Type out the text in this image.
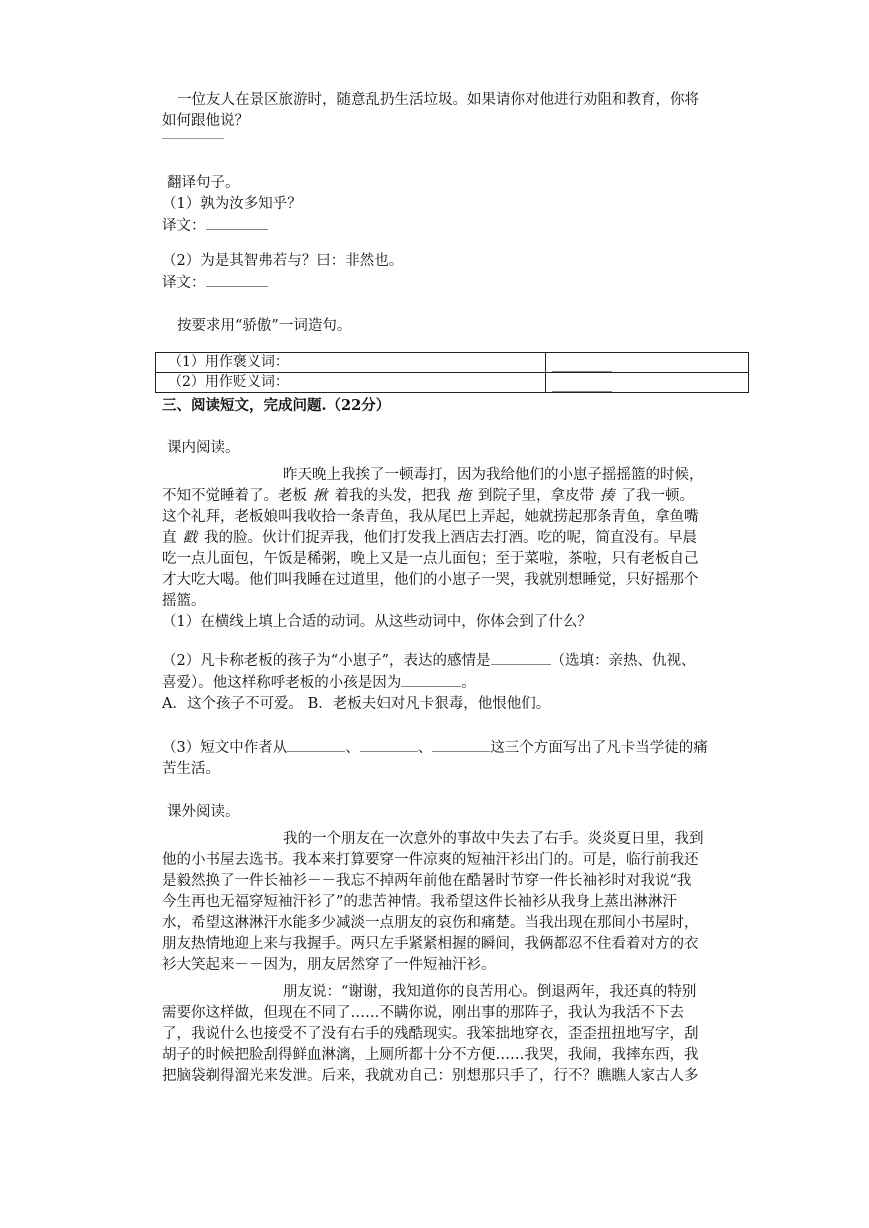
一位友人在景区旅游时，随意乱扔生活垃圾。如果请你对他进行劝阻和教育，你将

如何跟他说？

翻译句子。

（1）孰为汝多知乎？

译文：

（2）为是其智弗若与？曰：非然也。

译文：

按要求用“骄傲”一词造句。

（1）用作褒义词：	
（2）用作贬义词：	

三、阅读短文，完成问题.（22分）

课内阅读。

昨天晚上我挨了一顿毒打，因为我给他们的小崽子摇摇篮的时候，

不知不觉睡着了。老板 揪 着我的头发，把我 拖 到院子里，拿皮带 揍 了我一顿。

这个礼拜，老板娘叫我收拾一条青鱼，我从尾巴上弄起，她就捞起那条青鱼，拿鱼嘴

直 戳 我的脸。伙计们捉弄我，他们打发我上酒店去打酒。吃的呢，简直没有。早晨

吃一点儿面包，午饭是稀粥，晚上又是一点儿面包；至于菜啦，茶啦，只有老板自己

才大吃大喝。他们叫我睡在过道里，他们的小崽子一哭，我就别想睡觉，只好摇那个

摇篮。

（1）在横线上填上合适的动词。从这些动词中，你体会到了什么？

（2）凡卡称老板的孩子为“小崽子”，表达的感情是	（选填：亲热、仇视、

喜爱）。他这样称呼老板的小孩是因为	。

A．这个孩子不可爱。 B．老板夫妇对凡卡狠毒，他恨他们。

（3）短文中作者从	、	、	这三个方面写出了凡卡当学徒的痛

苦生活。

课外阅读。

我的一个朋友在一次意外的事故中失去了右手。炎炎夏日里，我到

他的小书屋去选书。我本来打算要穿一件凉爽的短袖汗衫出门的。可是，临行前我还

是毅然换了一件长袖衫－－我忘不掉两年前他在酷暑时节穿一件长袖衫时对我说“我

今生再也无福穿短袖汗衫了”的悲苦神情。我希望这件长袖衫从我身上蒸出淋淋汗

水，希望这淋淋汗水能多少减淡一点朋友的哀伤和痛楚。当我出现在那间小书屋时，

朋友热情地迎上来与我握手。两只左手紧紧相握的瞬间，我俩都忍不住看着对方的衣

衫大笑起来－－因为，朋友居然穿了一件短袖汗衫。

朋友说：“谢谢，我知道你的良苦用心。倒退两年，我还真的特别

需要你这样做，但现在不同了……不瞒你说，刚出事的那阵子，我认为我活不下去

了，我说什么也接受不了没有右手的残酷现实。我笨拙地穿衣，歪歪扭扭地写字，刮

胡子的时候把脸刮得鲜血淋漓，上厕所都十分不方便……我哭，我闹，我摔东西，我

把脑袋剃得溜光来发泄。后来，我就劝自己：别想那只手了，行不？瞧瞧人家古人多
